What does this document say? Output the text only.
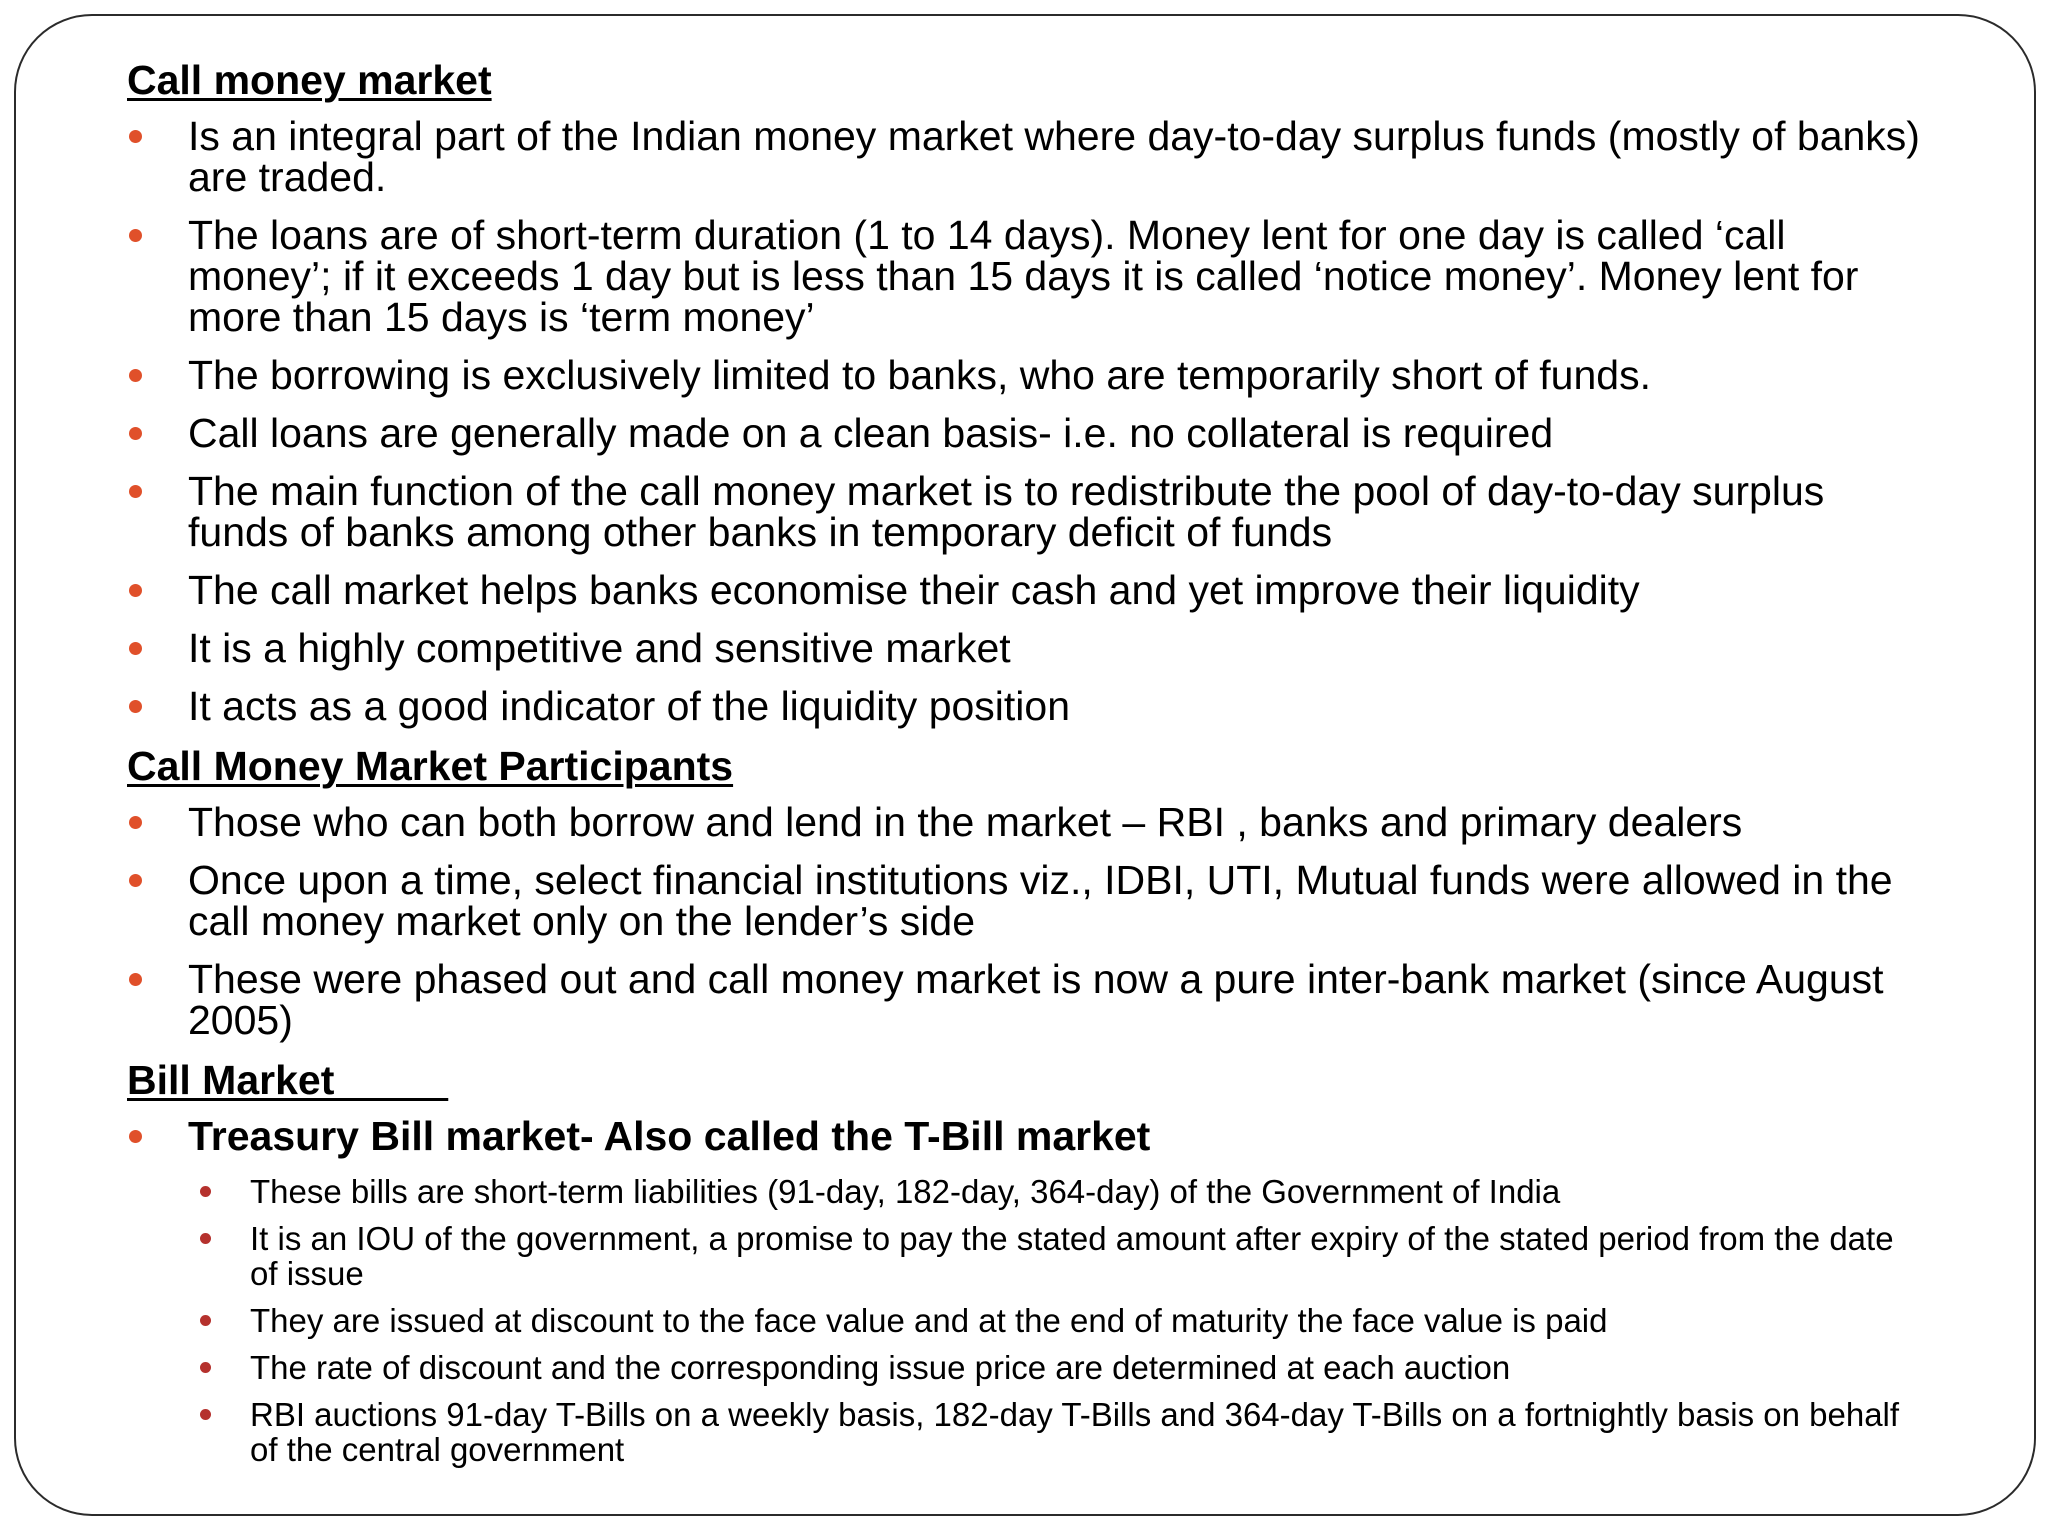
Call money market
Is an integral part of the Indian money market where day-to-day surplus funds (mostly of banks) are traded.
The loans are of short-term duration (1 to 14 days). Money lent for one day is called ‘call money’; if it exceeds 1 day but is less than 15 days it is called ‘notice money’. Money lent for more than 15 days is ‘term money’
The borrowing is exclusively limited to banks, who are temporarily short of funds.
Call loans are generally made on a clean basis- i.e. no collateral is required
The main function of the call money market is to redistribute the pool of day-to-day surplus funds of banks among other banks in temporary deficit of funds
The call market helps banks economise their cash and yet improve their liquidity
It is a highly competitive and sensitive market
It acts as a good indicator of the liquidity position
Call Money Market Participants
Those who can both borrow and lend in the market – RBI , banks and primary dealers
Once upon a time, select financial institutions viz., IDBI, UTI, Mutual funds were allowed in the call money market only on the lender’s side
These were phased out and call money market is now a pure inter-bank market (since August 2005)
Bill Market
Treasury Bill market- Also called the T-Bill market
These bills are short-term liabilities (91-day, 182-day, 364-day) of the Government of India
It is an IOU of the government, a promise to pay the stated amount after expiry of the stated period from the date of issue
They are issued at discount to the face value and at the end of maturity the face value is paid
The rate of discount and the corresponding issue price are determined at each auction
RBI auctions 91-day T-Bills on a weekly basis, 182-day T-Bills and 364-day T-Bills on a fortnightly basis on behalf of the central government
